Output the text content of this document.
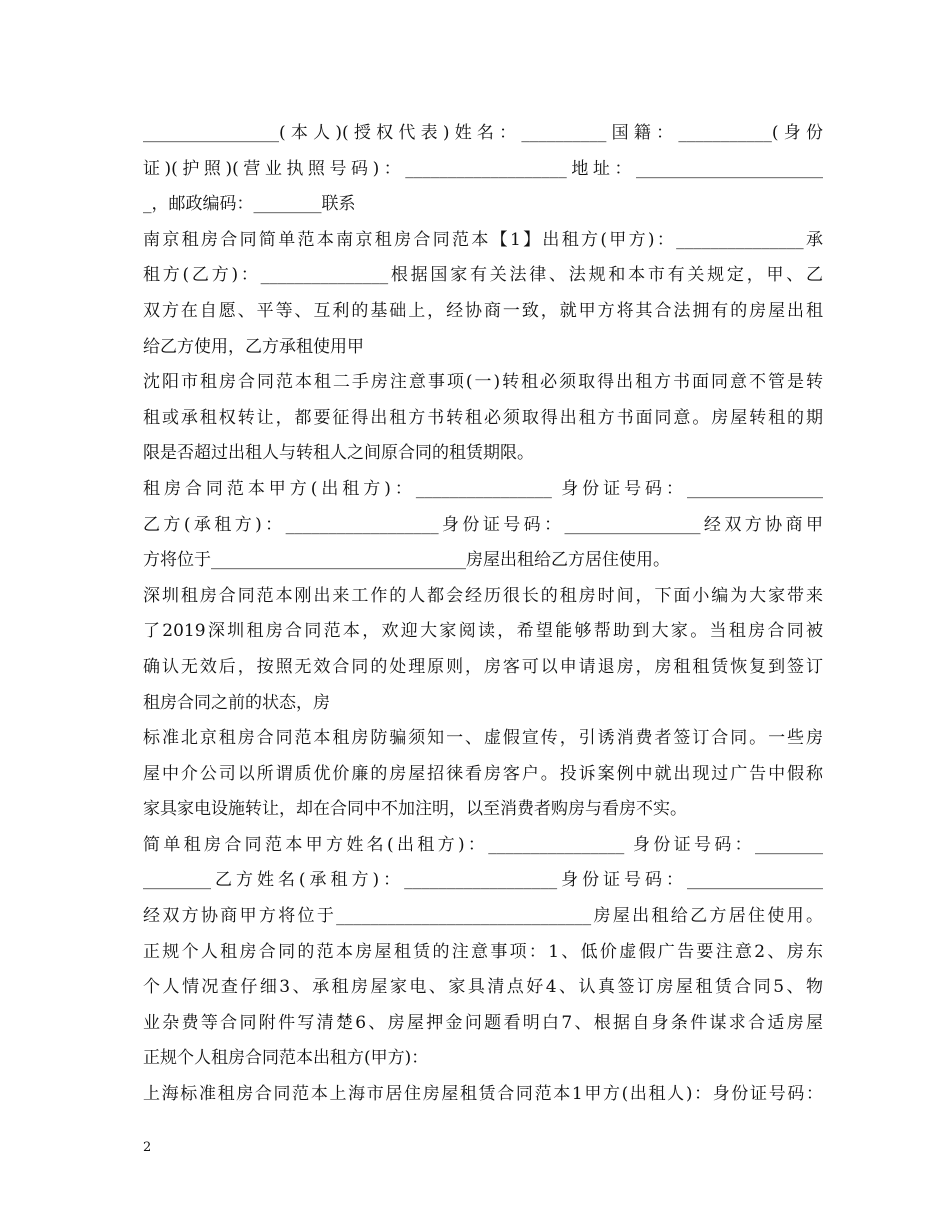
________________(本人)(授权代表)姓名：__________国籍：___________(身份
证)(护照)(营业执照号码)：___________________地址：______________________
_，邮政编码：________联系
南京租房合同简单范本南京租房合同范本【1】出租方(甲方)：_______________承
租方(乙方)：_______________根据国家有关法律、法规和本市有关规定，甲、乙
双方在自愿、平等、互利的基础上，经协商一致，就甲方将其合法拥有的房屋出租
给乙方使用，乙方承租使用甲
沈阳市租房合同范本租二手房注意事项(一)转租必须取得出租方书面同意不管是转
租或承租权转让，都要征得出租方书转租必须取得出租方书面同意。房屋转租的期
限是否超过出租人与转租人之间原合同的租赁期限。
租房合同范本甲方(出租方)：________________ 身份证号码：________________
乙方(承租方)：__________________身份证号码：________________经双方协商甲
方将位于______________________________房屋出租给乙方居住使用。
深圳租房合同范本刚出来工作的人都会经历很长的租房时间，下面小编为大家带来
了2019深圳租房合同范本，欢迎大家阅读，希望能够帮助到大家。当租房合同被
确认无效后，按照无效合同的处理原则，房客可以申请退房，房租租赁恢复到签订
租房合同之前的状态，房
标准北京租房合同范本租房防骗须知一、虚假宣传，引诱消费者签订合同。一些房
屋中介公司以所谓质优价廉的房屋招徕看房客户。投诉案例中就出现过广告中假称
家具家电设施转让，却在合同中不加注明，以至消费者购房与看房不实。
简单租房合同范本甲方姓名(出租方)：________________ 身份证号码：________
________乙方姓名(承租方)：__________________身份证号码：________________
经双方协商甲方将位于______________________________房屋出租给乙方居住使用。
正规个人租房合同的范本房屋租赁的注意事项：1、低价虚假广告要注意2、房东
个人情况查仔细3、承租房屋家电、家具清点好4、认真签订房屋租赁合同5、物
业杂费等合同附件写清楚6、房屋押金问题看明白7、根据自身条件谋求合适房屋
正规个人租房合同范本出租方(甲方)：
上海标准租房合同范本上海市居住房屋租赁合同范本1甲方(出租人)：身份证号码：
2
